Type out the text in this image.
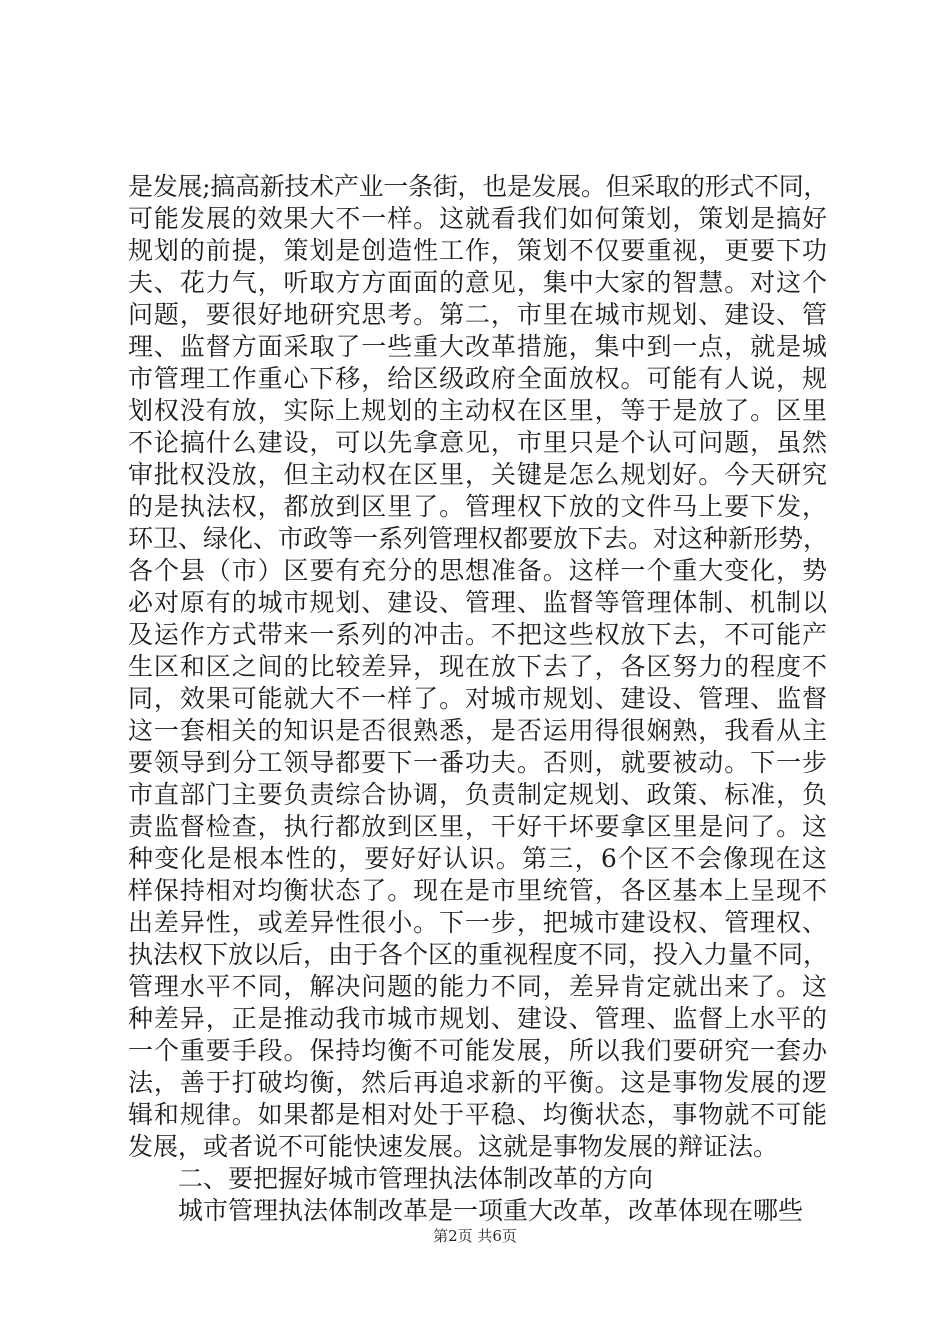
是发展;搞高新技术产业一条街，也是发展。但采取的形式不同，
可能发展的效果大不一样。这就看我们如何策划，策划是搞好
规划的前提，策划是创造性工作，策划不仅要重视，更要下功
夫、花力气，听取方方面面的意见，集中大家的智慧。对这个
问题，要很好地研究思考。第二，市里在城市规划、建设、管
理、监督方面采取了一些重大改革措施，集中到一点，就是城
市管理工作重心下移，给区级政府全面放权。可能有人说，规
划权没有放，实际上规划的主动权在区里，等于是放了。区里
不论搞什么建设，可以先拿意见，市里只是个认可问题，虽然
审批权没放，但主动权在区里，关键是怎么规划好。今天研究
的是执法权，都放到区里了。管理权下放的文件马上要下发，
环卫、绿化、市政等一系列管理权都要放下去。对这种新形势，
各个县（市）区要有充分的思想准备。这样一个重大变化，势
必对原有的城市规划、建设、管理、监督等管理体制、机制以
及运作方式带来一系列的冲击。不把这些权放下去，不可能产
生区和区之间的比较差异，现在放下去了，各区努力的程度不
同，效果可能就大不一样了。对城市规划、建设、管理、监督
这一套相关的知识是否很熟悉，是否运用得很娴熟，我看从主
要领导到分工领导都要下一番功夫。否则，就要被动。下一步
市直部门主要负责综合协调，负责制定规划、政策、标准，负
责监督检查，执行都放到区里，干好干坏要拿区里是问了。这
种变化是根本性的，要好好认识。第三，6个区不会像现在这
样保持相对均衡状态了。现在是市里统管，各区基本上呈现不
出差异性，或差异性很小。下一步，把城市建设权、管理权、
执法权下放以后，由于各个区的重视程度不同，投入力量不同，
管理水平不同，解决问题的能力不同，差异肯定就出来了。这
种差异，正是推动我市城市规划、建设、管理、监督上水平的
一个重要手段。保持均衡不可能发展，所以我们要研究一套办
法，善于打破均衡，然后再追求新的平衡。这是事物发展的逻
辑和规律。如果都是相对处于平稳、均衡状态，事物就不可能
发展，或者说不可能快速发展。这就是事物发展的辩证法。
二、要把握好城市管理执法体制改革的方向
城市管理执法体制改革是一项重大改革，改革体现在哪些
第2页 共6页
